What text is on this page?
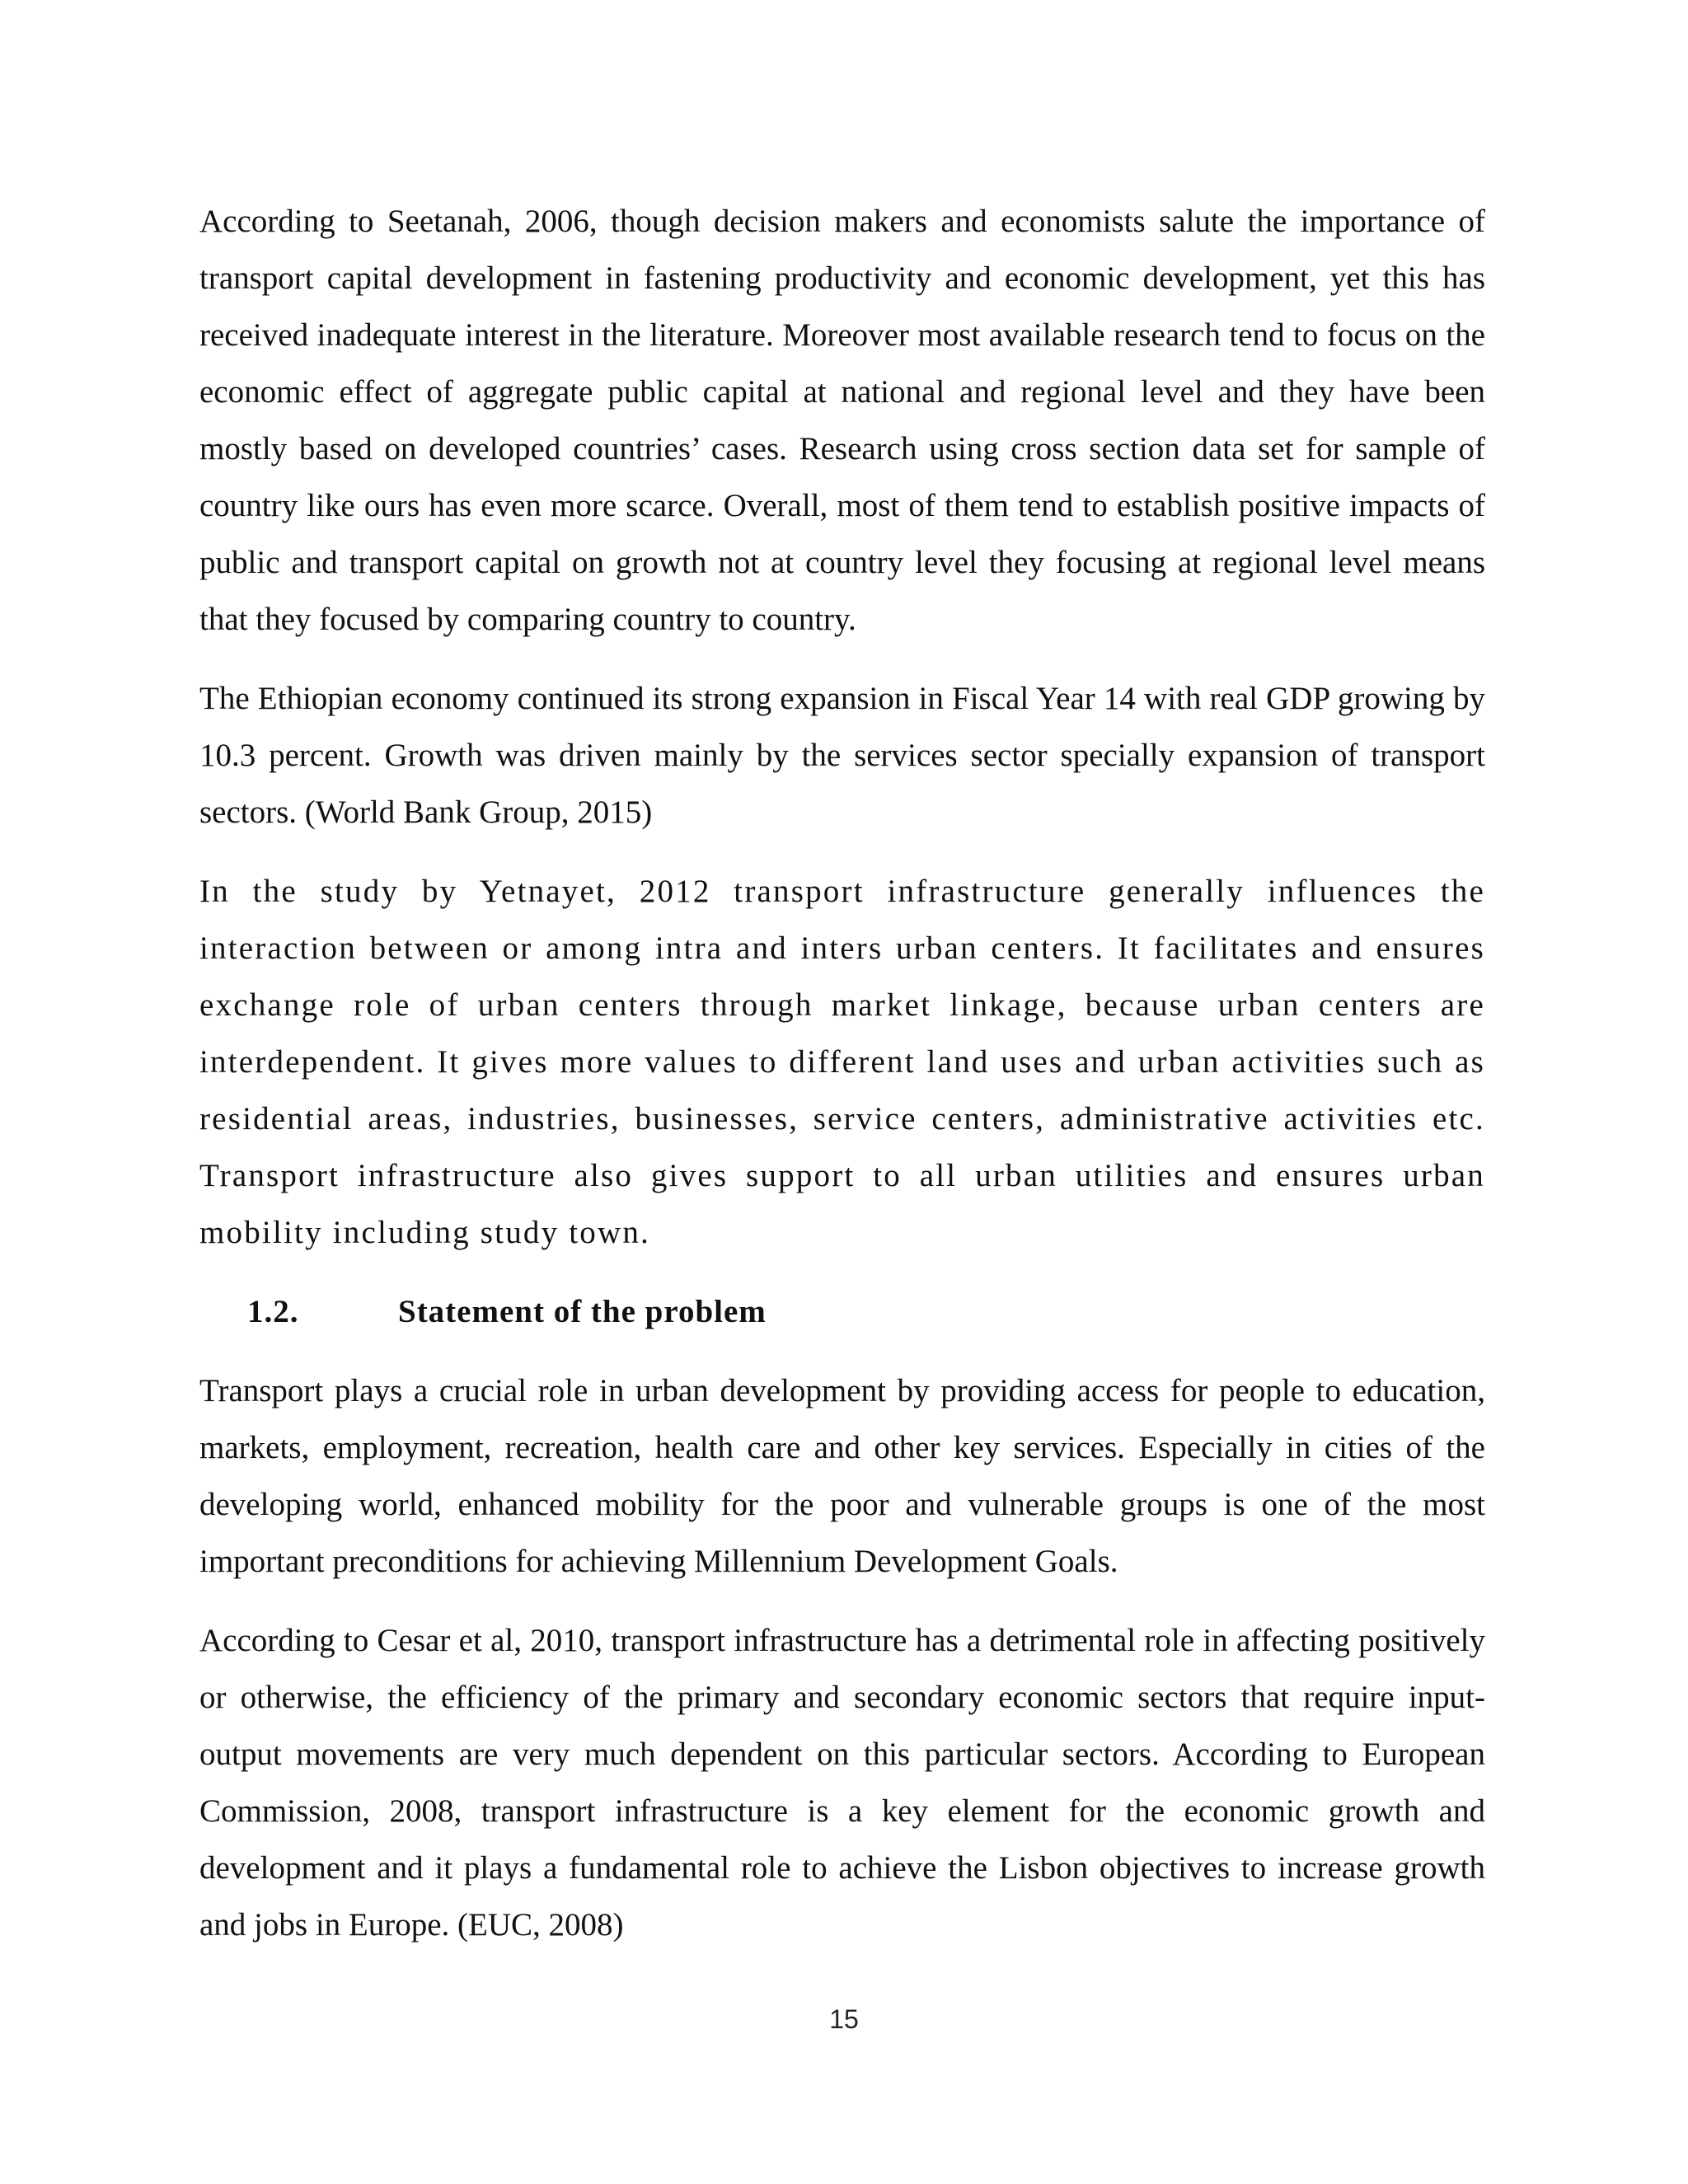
According to Seetanah, 2006, though decision makers and economists salute the importance of transport capital development in fastening productivity and economic development, yet this has received inadequate interest in the literature. Moreover most available research tend to focus on the economic effect of aggregate public capital at national and regional level and they have been mostly based on developed countries’ cases. Research using cross section data set for sample of country like ours has even more scarce. Overall, most of them tend to establish positive impacts of public and transport capital on growth not at country level they focusing at regional level means that they focused by comparing country to country.

The Ethiopian economy continued its strong expansion in Fiscal Year 14 with real GDP growing by 10.3 percent. Growth was driven mainly by the services sector specially expansion of transport sectors. (World Bank Group, 2015)

In the study by Yetnayet, 2012 transport infrastructure generally influences the interaction between or among intra and inters urban centers. It facilitates and ensures exchange role of urban centers through market linkage, because urban centers are interdependent. It gives more values to different land uses and urban activities such as residential areas, industries, businesses, service centers, administrative activities etc. Transport infrastructure also gives support to all urban utilities and ensures urban mobility including study town.

1.2.	Statement of the problem

Transport plays a crucial role in urban development by providing access for people to education, markets, employment, recreation, health care and other key services. Especially in cities of the developing world, enhanced mobility for the poor and vulnerable groups is one of the most important preconditions for achieving Millennium Development Goals.

According to Cesar et al, 2010, transport infrastructure has a detrimental role in affecting positively or otherwise, the efficiency of the primary and secondary economic sectors that require input-output movements are very much dependent on this particular sectors. According to European Commission, 2008, transport infrastructure is a key element for the economic growth and development and it plays a fundamental role to achieve the Lisbon objectives to increase growth and jobs in Europe. (EUC, 2008)

15
